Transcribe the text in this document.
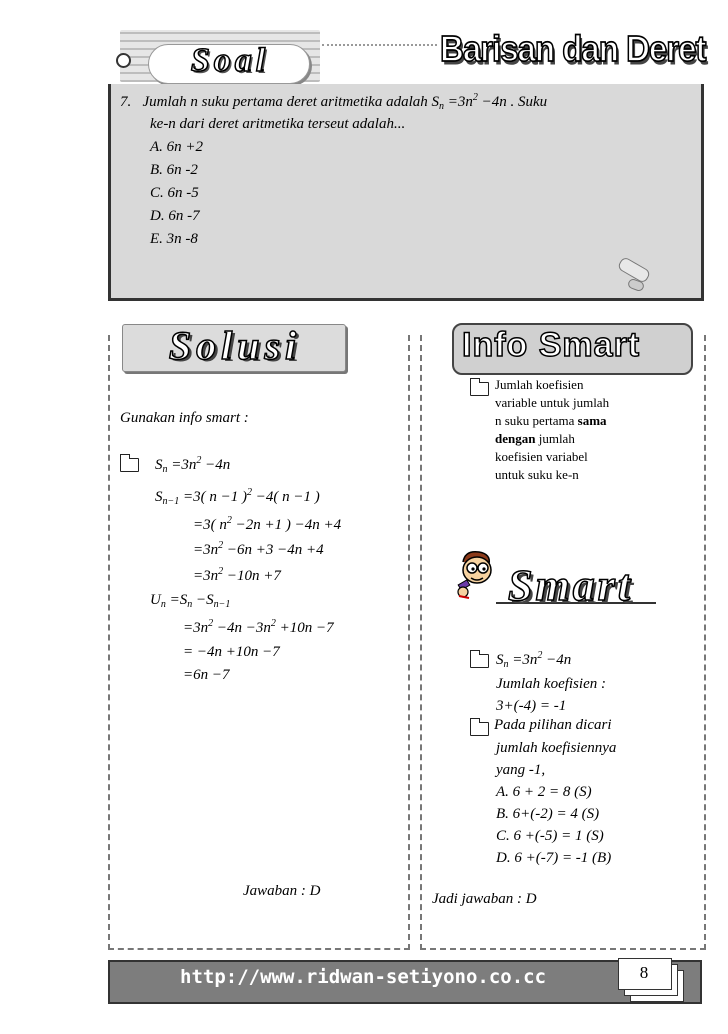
Soal	Barisan dan Deret
7. Jumlah n suku pertama deret aritmetika adalah $S_n =3n^2 -4n$ . Suku
ke-n dari deret aritmetika terseut adalah...
A. 6n +2
B. 6n -2
C. 6n -5
D. 6n -7
E. 3n -8
Solusi
Gunakan info smart :
$S_n =3n^2 -4n$
$S_{n-1} =3$( n −1 )$^2$ −4( n −1 )
=3( $n^2 -2n +1$ ) −4n +4
$=3n^2 -6n +3 -4n +4$
$=3n^2 -10n +7$
$U_n =S_n -S_{n-1}$
$=3n^2 -4n -3n^2 +10n -7$
= −4n +10n −7
=6n −7
Jawaban : D
Info Smart
Jumlah koefisien
variable untuk jumlah
n suku pertama sama
dengan jumlah
koefisien variabel
untuk suku ke-n
Smart
$S_n =3n^2 -4n$
Jumlah koefisien :
3+(-4) = -1
Pada pilihan dicari
jumlah koefisiennya
yang -1,
A. 6 + 2 = 8 (S)
B. 6+(-2) = 4 (S)
C. 6 +(-5) = 1 (S)
D. 6 +(-7) = -1 (B)
Jadi jawaban : D
http://www.ridwan-setiyono.co.cc	8
